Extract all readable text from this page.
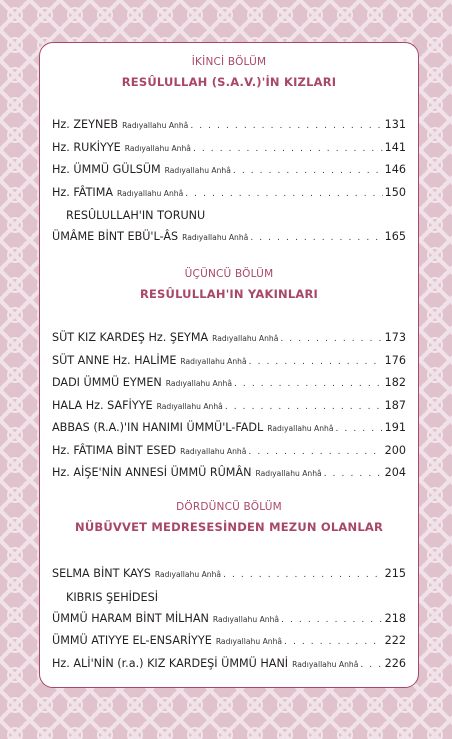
İKİNCİ BÖLÜM
RESÛLULLAH (S.A.V.)'İN KIZLARI
Hz. ZEYNEB Radıyallahu Anhâ . . .	131
Hz. RUKİYYE Radıyallahu Anhâ . . .	141
Hz. ÜMMÜ GÜLSÜM Radıyallahu Anhâ . . .	146
Hz. FÂTIMA Radıyallahu Anhâ . . .	150
RESÛLULLAH'IN TORUNU
ÜMÂME BİNT EBÜ'L-ÂS Radıyallahu Anhâ . . .	165
ÜÇÜNCÜ BÖLÜM
RESÛLULLAH'IN YAKINLARI
SÜT KIZ KARDEŞ Hz. ŞEYMA Radıyallahu Anhâ . . .	173
SÜT ANNE Hz. HALİME Radıyallahu Anhâ . . .	176
DADI ÜMMÜ EYMEN Radıyallahu Anhâ . . .	182
HALA Hz. SAFİYYE Radıyallahu Anhâ . . .	187
ABBAS (R.A.)'IN HANIMI ÜMMÜ'L-FADL Radıyallahu Anhâ . . .	191
Hz. FÂTIMA BİNT ESED Radıyallahu Anhâ . . .	200
Hz. AİŞE'NİN ANNESİ ÜMMÜ RÛMÂN Radıyallahu Anhâ . . .	204
DÖRDÜNCÜ BÖLÜM
NÜBÜVVET MEDRESESİNDEN MEZUN OLANLAR
SELMA BİNT KAYS Radıyallahu Anhâ . . .	215
KIBRIS ŞEHİDESİ
ÜMMÜ HARAM BİNT MİLHAN Radıyallahu Anhâ . . .	218
ÜMMÜ ATIYYE EL-ENSARİYYE Radıyallahu Anhâ . . .	222
Hz. ALİ'NİN (r.a.) KIZ KARDEŞİ ÜMMÜ HANİ Radıyallahu Anhâ . . . 226
